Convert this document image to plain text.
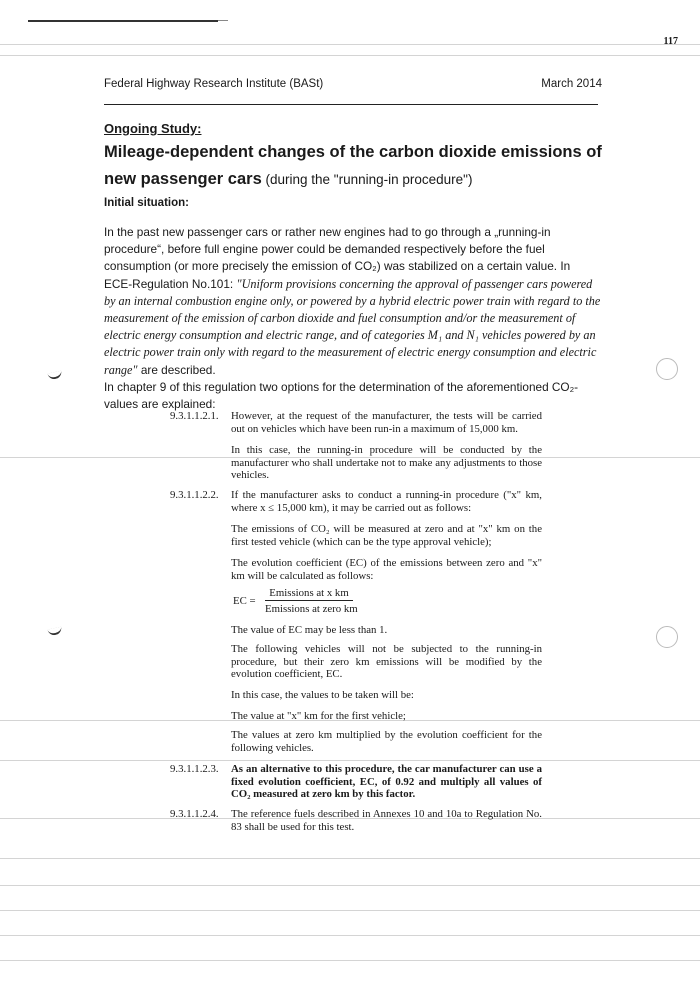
117
Federal Highway Research Institute (BASt)	March 2014
Ongoing Study:
Mileage-dependent changes of the carbon dioxide emissions of
new passenger cars (during the "running-in procedure")
Initial situation:
In the past new passenger cars or rather new engines had to go through a „running-in procedure“, before full engine power could be demanded respectively before the fuel consumption (or more precisely the emission of CO₂) was stabilized on a certain value. In ECE-Regulation No.101: "Uniform provisions concerning the approval of passenger cars powered by an internal combustion engine only, or powered by a hybrid electric power train with regard to the measurement of the emission of carbon dioxide and fuel consumption and/or the measurement of electric energy consumption and electric range, and of categories M₁ and N₁ vehicles powered by an electric power train only with regard to the measurement of electric energy consumption and electric range" are described.
In chapter 9 of this regulation two options for the determination of the aforementioned CO₂-values are explained:
9.3.1.1.2.1. However, at the request of the manufacturer, the tests will be carried out on vehicles which have been run-in a maximum of 15,000 km.
In this case, the running-in procedure will be conducted by the manufacturer who shall undertake not to make any adjustments to those vehicles.
9.3.1.1.2.2. If the manufacturer asks to conduct a running-in procedure ("x" km, where x ≤ 15,000 km), it may be carried out as follows:
The emissions of CO₂ will be measured at zero and at "x" km on the first tested vehicle (which can be the type approval vehicle);
The evolution coefficient (EC) of the emissions between zero and "x" km will be calculated as follows:
EC =
Emissions at x km
Emissions at zero km
The value of EC may be less than 1.
The following vehicles will not be subjected to the running-in procedure, but their zero km emissions will be modified by the evolution coefficient, EC.
In this case, the values to be taken will be:
The value at "x" km for the first vehicle;
The values at zero km multiplied by the evolution coefficient for the following vehicles.
9.3.1.1.2.3. As an alternative to this procedure, the car manufacturer can use a fixed evolution coefficient, EC, of 0.92 and multiply all values of CO₂ measured at zero km by this factor.
9.3.1.1.2.4. The reference fuels described in Annexes 10 and 10a to Regulation No. 83 shall be used for this test.
